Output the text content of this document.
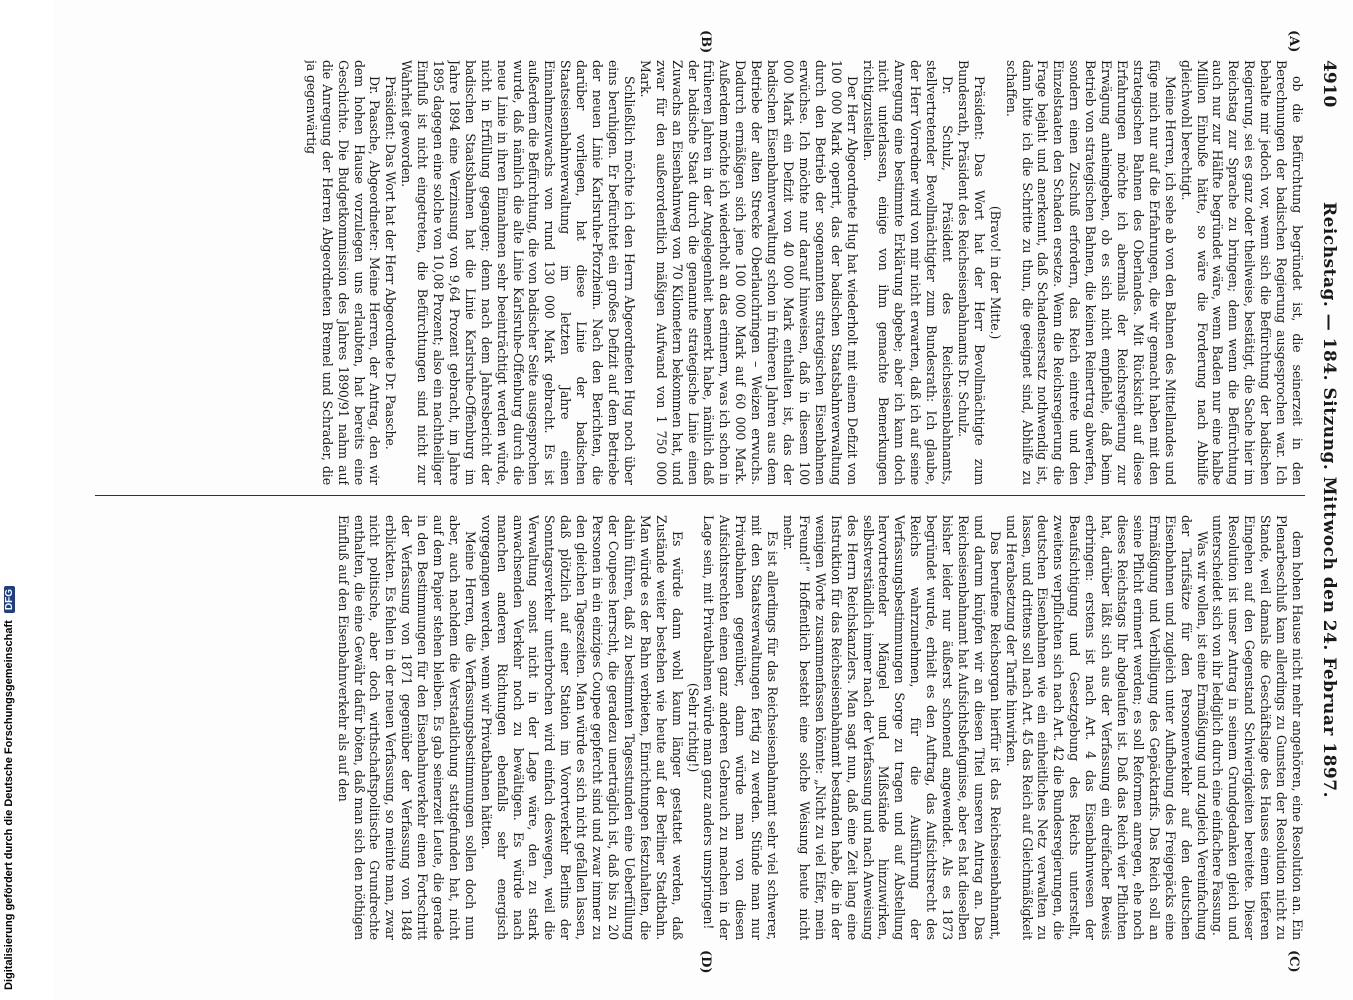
Digitalisierung gefördert durch die Deutsche Forschungsgemeinschaft DFG
4910
Reichstag. — 184. Sitzung. Mittwoch den 24. Februar 1897.
(A)
(B)
(C)
(D)

ob die Befürchtung begründet ist, die seinerzeit in den Berechnungen der badischen Regierung ausgesprochen war. Ich behalte mir jedoch vor, wenn sich die Befürchtung der badischen Regierung, sei es ganz oder theilweise, bestätigt, die Sache hier im Reichstag zur Sprache zu bringen; denn wenn die Befürchtung auch nur zur Hälfte begründet wäre, wenn Baden nur eine halbe Million Einbuße hätte, so wäre die Forderung nach Abhilfe gleichwohl berechtigt.

Meine Herren, ich sehe ab von den Bahnen des Mittellandes und füge mich nur auf die Erfahrungen, die wir gemacht haben mit den strategischen Bahnen des Oberlandes. Mit Rücksicht auf diese Erfahrungen möchte ich abermals der Reichsregierung zur Erwägung anheimgeben, ob es sich nicht empfiehle, daß beim Betrieb von strategischen Bahnen, die keinen Reinertrag abwerfen, sondern einen Zuschuß erfordern, das Reich eintrete und den Einzelstaaten den Schaden ersetze. Wenn die Reichsregierung die Frage bejaht und anerkennt, daß Schadensersatz nothwendig ist, dann bitte ich die Schritte zu thun, die geeignet sind, Abhilfe zu schaffen.

(Bravo! in der Mitte.)

Präsident: Das Wort hat der Herr Bevollmächtigte zum Bundesrath, Präsident des Reichseisenbahnamts Dr. Schulz.

Dr. Schulz, Präsident des Reichseisenbahnamts, stellvertretender Bevollmächtigter zum Bundesrath: Ich glaube, der Herr Vorredner wird von mir nicht erwarten, daß ich auf seine Anregung eine bestimmte Erklärung abgebe; aber ich kann doch nicht unterlassen, einige von ihm gemachte Bemerkungen richtigzustellen.

Der Herr Abgeordnete Hug hat wiederholt mit einem Defizit von 100 000 Mark operirt, das der badischen Staatsbahnverwaltung durch den Betrieb der sogenannten strategischen Eisenbahnen erwüchse. Ich möchte nur darauf hinweisen, daß in diesem 100 000 Mark ein Defizit von 40 000 Mark enthalten ist, das der badischen Eisenbahnverwaltung schon in früheren Jahren aus dem Betriebe der alten Strecke Oberlauchringen – Weizen erwuchs. Dadurch ermäßigen sich jene 100 000 Mark auf 60 000 Mark. Außerdem möchte ich wiederholt an das erinnern, was ich schon in früheren Jahren in der Angelegenheit bemerkt habe, nämlich daß der badische Staat durch die genannte strategische Linie einen Zuwachs an Eisenbahnweg von 70 Kilometern bekommen hat, und zwar für den außerordentlich mäßigen Aufwand von 1 750 000 Mark.

Schließlich möchte ich den Herrn Abgeordneten Hug noch über eins beruhigen. Er befürchtet ein großes Defizit auf dem Betriebe der neuen Linie Karlsruhe-Pforzheim. Nach den Berichten, die darüber vorliegen, hat diese Linie der badischen Staatseisenbahnverwaltung im letzten Jahre einen Einnahmezuwachs von rund 130 000 Mark gebracht. Es ist außerdem die Befürchtung, die von badischer Seite ausgesprochen wurde, daß nämlich die alte Linie Karlsruhe-Offenburg durch die neue Linie in ihren Einnahmen sehr beeinträchtigt werden würde, nicht in Erfüllung gegangen; denn nach dem Jahresbericht der badischen Staatsbahnen hat die Linie Karlsruhe-Offenburg im Jahre 1894 eine Verzinsung von 9,64 Prozent gebracht, im Jahre 1895 dagegen eine solche von 10,08 Prozent; also ein nachtheiliger Einfluß ist nicht eingetreten, die Befürchtungen sind nicht zur Wahrheit geworden.

Präsident: Das Wort hat der Herr Abgeordnete Dr. Paasche.

Dr. Paasche, Abgeordneter: Meine Herren, der Antrag, den wir dem hohen Hause vorzulegen uns erlaubten, hat bereits eine Geschichte. Die Budgetkommission des Jahres 1890/91 nahm auf die Anregung der Herren Abgeordneten Bremel und Schrader, die ja gegenwärtig

dem hohen Hause nicht mehr angehören, eine Resolution an. Ein Plenarbeschluß kam allerdings zu Gunsten der Resolution nicht zu Stande, weil damals die Geschäftslage des Hauses einem tieferen Eingehen auf den Gegenstand Schwierigkeiten bereitete. Dieser Resolution ist unser Antrag in seinem Grundgedanken gleich und unterscheidet sich von ihr lediglich durch eine einfachere Fassung.

Was wir wollen, ist eine Ermäßigung und zugleich Vereinfachung der Tarifsätze für den Personenverkehr auf den deutschen Eisenbahnen und zugleich unter Aufhebung des Freigepäcks eine Ermäßigung und Verbilligung des Gepäcktarifs. Das Reich soll an seine Pflicht erinnert werden; es soll Reformen anregen, ehe noch dieses Reichstags Ihr abgelaufen ist. Daß das Reich vier Pflichten hat, darüber läßt sich aus der Verfassung ein dreifacher Beweis erbringen: erstens ist nach Art. 4 das Eisenbahnwesen der Beaufsichtigung und Gesetzgebung des Reichs unterstellt, zweitens verpflichten sich nach Art. 42 die Bundesregierungen, die deutschen Eisenbahnen wie ein einheitliches Netz verwalten zu lassen, und drittens soll nach Art. 45 das Reich auf Gleichmäßigkeit und Herabsetzung der Tarife hinwirken.

Das berufene Reichsorgan hierfür ist das Reichseisenbahnamt, und darum knüpfen wir an diesen Titel unseren Antrag an. Das Reichseisenbahnamt hat Aufsichtsbefugnisse, aber es hat dieselben bisher leider nur äußerst schonend angewendet. Als es 1873 begründet wurde, erhielt es den Auftrag, das Aufsichtsrecht des Reichs wahrzunehmen, für die Ausführung der Verfassungsbestimmungen Sorge zu tragen und auf Abstellung hervortretender Mängel und Mißstände hinzuwirken, selbstverständlich immer nach der Verfassung und nach Anweisung des Herrn Reichskanzlers. Man sagt nun, daß eine Zeit lang eine Instruktion für das Reichseisenbahnamt bestanden habe, die in der wenigen Worte zusammenfassen könnte: „Nicht zu viel Eifer, mein Freund!“ Hoffentlich besteht eine solche Weisung heute nicht mehr.

Es ist allerdings für das Reichseisenbahnamt sehr viel schwerer, mit den Staatsverwaltungen fertig zu werden. Stünde man nur Privatbahnen gegenüber, dann würde man von diesen Aufsichtsrechten einen ganz anderen Gebrauch zu machen in der Lage sein, mit Privatbahnen würde man ganz anders umspringen!

(Sehr richtig!)

Es würde dann wohl kaum länger gestattet werden, daß Zustände weiter bestehen wie heute auf der Berliner Stadtbahn. Man würde es der Bahn verbieten, Einrichtungen festzuhalten, die dahin führen, daß zu bestimmten Tagesstunden eine Ueberfüllung der Coupees herrscht, die geradezu unerträglich ist, daß bis zu 20 Personen in ein einziges Coupee gepfercht sind und zwar immer zu den gleichen Tageszeiten. Man würde es sich nicht gefallen lassen, daß plötzlich auf einer Station im Vorortverkehr Berlins der Sonntagsverkehr unterbrochen wird einfach deswegen, weil die Verwaltung sonst nicht in der Lage wäre, den zu stark anwachsenden Verkehr noch zu bewältigen. Es würde nach manchen anderen Richtungen ebenfalls sehr energisch vorgegangen werden, wenn wir Privatbahnen hätten.

Meine Herren, die Verfassungsbestimmungen sollen doch nun aber, auch nachdem die Verstaatlichung stattgefunden hat, nicht auf dem Papier stehen bleiben. Es gab seinerzeit Leute, die gerade in den Bestimmungen für den Eisenbahnverkehr einen Fortschritt der Verfassung von 1871 gegenüber der Verfassung von 1848 erblickten. Es fehlen in der neuen Verfassung, so meinte man, zwar nicht politische, aber doch wirthschaftspolitische Grundrechte enthalten, die eine Gewähr dafür böten, daß man sich den nöthigen Einfluß auf den Eisenbahnverkehr als auf den
